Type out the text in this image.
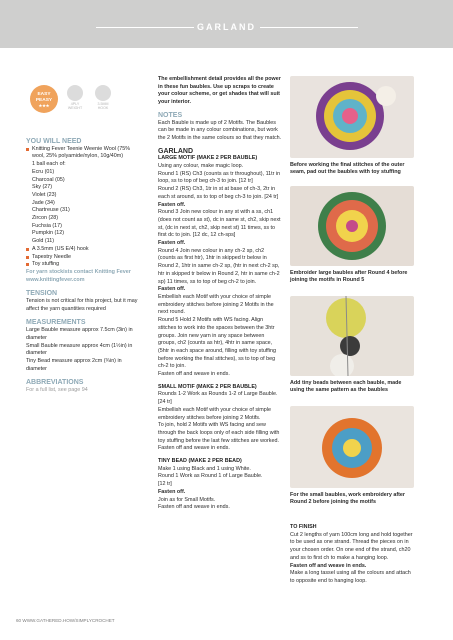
GARLAND
EASY
PEASY
★★★	4PLY
WEIGHT
3.5MM
HOOK

YOU WILL NEED

Knitting Fever Teenie Weenie Wool (75% wool, 25% polyamide/nylon, 10g/40m)

1 ball each of:

Ecru (01)

Charcoal (05)

Sky (27)

Violet (23)

Jade (34)

Chartreuse (31)

Zircon (28)

Fuchsia (17)

Pumpkin (12)

Gold (11)

A 3.5mm (US E/4) hook

Tapestry Needle

Toy stuffing

For yarn stockists contact Knitting Fever www.knittingfever.com

TENSION

Tension is not critical for this project, but it may affect the yarn quantities required

MEASUREMENTS

Large Bauble measure approx 7.5cm (3in) in diameter

Small Bauble measure approx 4cm (1½in) in diameter

Tiny Bead measure approx 2cm (¾in) in diameter

ABBREVIATIONS

For a full list, see page 94

The embellishment detail provides all the power in these fun baubles. Use up scraps to create your colour scheme, or get shades that will suit your interior.

NOTES

Each Bauble is made up of 2 Motifs. The Baubles can be made in any colour combinations, but work the 2 Motifs in the same colours so that they match.

GARLAND

LARGE MOTIF (MAKE 2 PER BAUBLE)

Using any colour, make magic loop.

Round 1 (RS) Ch3 (counts as tr throughout), 11tr in loop, ss to top of beg ch-3 to join. [12 tr]

Round 2 (RS) Ch3, 1tr in st at base of ch-3, 2tr in each st around, ss to top of beg ch-3 to join. [24 tr]

Fasten off.

Round 3 Join new colour in any st with a ss, ch1 (does not count as st), dc in same st, ch2, skip next st, (dc in next st, ch2, skip next st) 11 times, ss to first dc to join. [12 dc, 12 ch-sps]

Fasten off.

Round 4 Join new colour in any ch-2 sp, ch2 (counts as first htr), 1htr in skipped tr below in Round 2, 1htr in same ch-2 sp, (htr in next ch-2 sp, htr in skipped tr below in Round 2, htr in same ch-2 sp) 11 times, ss to top of beg ch-2 to join.

Fasten off.

Embellish each Motif with your choice of simple embroidery stitches before joining 2 Motifs in the next round.

Round 5 Hold 2 Motifs with WS facing. Align stitches to work into the spaces between the 3htr groups. Join new yarn in any space between groups, ch2 (counts as htr), 4htr in same space, (5htr in each space around, filling with toy stuffing before working the final stitches), ss to top of beg ch-2 to join.

Fasten off and weave in ends.

SMALL MOTIF (MAKE 2 PER BAUBLE)

Rounds 1-2 Work as Rounds 1-2 of Large Bauble. [24 tr]

Embellish each Motif with your choice of simple embroidery stitches before joining 2 Motifs.

To join, hold 2 Motifs with WS facing and sew through the back loops only of each side filling with toy stuffing before the last few stitches are worked.

Fasten off and weave in ends.

TINY BEAD (MAKE 2 PER BEAD)

Make 1 using Black and 1 using White.

Round 1 Work as Round 1 of Large Bauble.

[12 tr]

Fasten off.

Join as for Small Motifs.

Fasten off and weave in ends.

Before working the final stitches of the outer seam, pad out the baubles with toy stuffing
Embroider large baubles after Round 4 before joining the motifs in Round 5
Add tiny beads between each bauble, made using the same pattern as the baubles
For the small baubles, work embroidery after Round 2 before joining the motifs

TO FINISH

Cut 2 lengths of yarn 100cm long and hold together to be used as one strand. Thread the pieces on in your chosen order. On one end of the strand, ch20 and ss to first ch to make a hanging loop.

Fasten off and weave in ends.

Make a long tassel using all the colours and attach to opposite end to hanging loop.

60 WWW.GATHERED.HOW/SIMPLYCROCHET
